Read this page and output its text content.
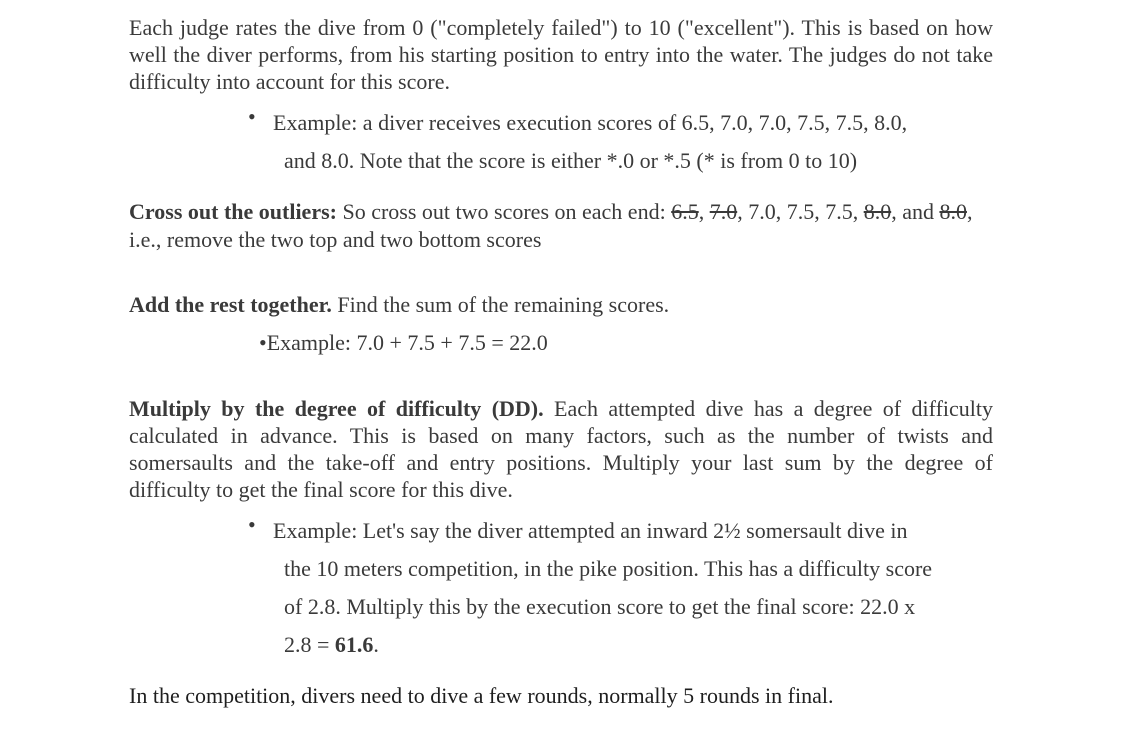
Each judge rates the dive from 0 ("completely failed") to 10 ("excellent"). This is based on how well the diver performs, from his starting position to entry into the water. The judges do not take difficulty into account for this score.

• Example: a diver receives execution scores of 6.5, 7.0, 7.0, 7.5, 7.5, 8.0,
and 8.0. Note that the score is either *.0 or *.5 (* is from 0 to 10)

Cross out the outliers: So cross out two scores on each end: 6.5, 7.0, 7.0, 7.5, 7.5, 8.0, and 8.0, i.e., remove the two top and two bottom scores

Add the rest together. Find the sum of the remaining scores.

•Example: 7.0 + 7.5 + 7.5 = 22.0

Multiply by the degree of difficulty (DD). Each attempted dive has a degree of difficulty calculated in advance. This is based on many factors, such as the number of twists and somersaults and the take-off and entry positions. Multiply your last sum by the degree of difficulty to get the final score for this dive.

• Example: Let's say the diver attempted an inward 2½ somersault dive in
the 10 meters competition, in the pike position. This has a difficulty score
of 2.8. Multiply this by the execution score to get the final score: 22.0 x
2.8 = 61.6.

In the competition, divers need to dive a few rounds, normally 5 rounds in final.
